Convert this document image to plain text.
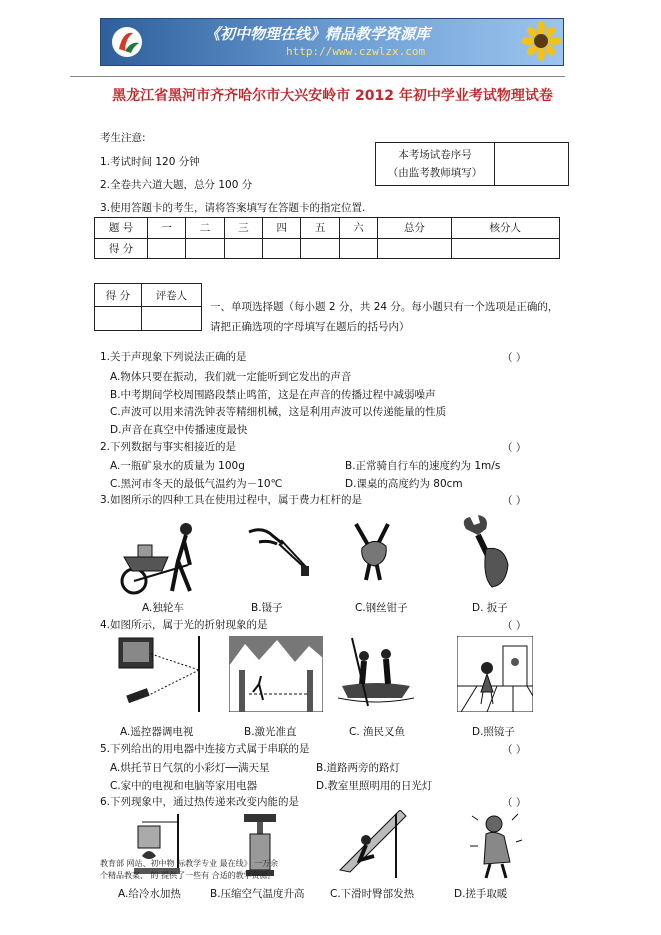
《初中物理在线》精品教学资源库
http://www.czwlzx.com
黑龙江省黑河市齐齐哈尔市大兴安岭市 2012 年初中学业考试物理试卷
考生注意:
1.考试时间 120 分钟
2.全卷共六道大题，总分 100 分
3.使用答题卡的考生，请将答案填写在答题卡的指定位置.
本考场试卷序号
（由监考教师填写）

题 号	一	二	三	四	五	六	总分	核分人
得 分								
得 分	评卷人

一、单项选择题（每小题 2 分，共 24 分。每小题只有一个选项是正确的，请把正确选项的字母填写在题后的括号内）
1.关于声现象下列说法正确的是	（ ）
A.物体只要在振动，我们就一定能听到它发出的声音
B.中考期间学校周围路段禁止鸣笛，这是在声音的传播过程中减弱噪声
C.声波可以用来清洗钟表等精细机械，这是利用声波可以传递能量的性质
D.声音在真空中传播速度最快
2.下列数据与事实相接近的是	（ ）
A.一瓶矿泉水的质量为 100g	B.正常骑自行车的速度约为 1m/s
C.黑河市冬天的最低气温约为－10℃	D.课桌的高度约为 80cm
3.如图所示的四种工具在使用过程中，属于费力杠杆的是	（ ）
A.独轮车	B.镊子	C.钢丝钳子	D. 扳子
4.如图所示，属于光的折射现象的是	（ ）
A.遥控器调电视	B.激光准直	C. 渔民叉鱼	D.照镜子
5.下列给出的用电器中连接方式属于串联的是	（ ）
A.烘托节日气氛的小彩灯──满天星	B.道路两旁的路灯
C.家中的电视和电脑等家用电器	D.教室里照明用的日光灯
6.下列现象中，通过热传递来改变内能的是	（ ）
A.给冷水加热	B.压缩空气温度升高 C.下滑时臀部发热	D.搓手取暖
教育部 网站、初中物 标教学专业 最在线》 一万余
个精品教案、 的 提供了一些有 合适的教学资源。
